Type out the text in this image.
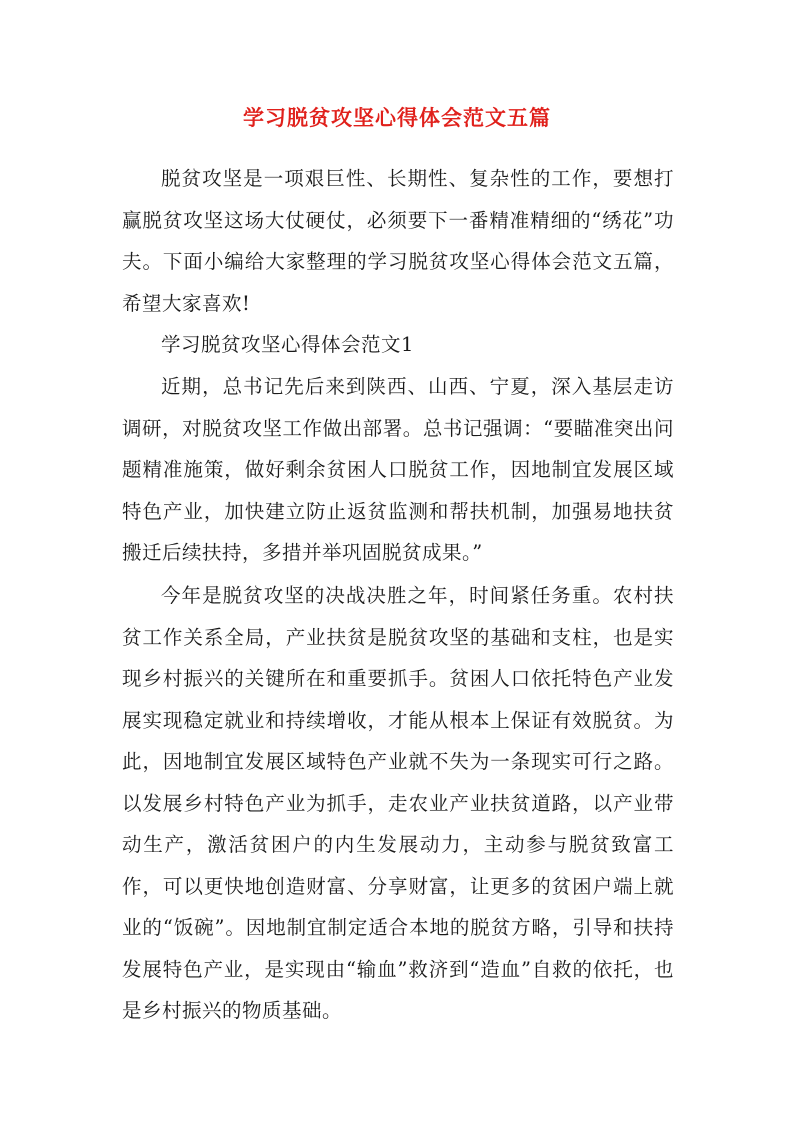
学习脱贫攻坚心得体会范文五篇

脱贫攻坚是一项艰巨性、长期性、复杂性的工作，要想打赢脱贫攻坚这场大仗硬仗，必须要下一番精准精细的“绣花”功夫。下面小编给大家整理的学习脱贫攻坚心得体会范文五篇，希望大家喜欢!

学习脱贫攻坚心得体会范文1

近期，总书记先后来到陕西、山西、宁夏，深入基层走访调研，对脱贫攻坚工作做出部署。总书记强调：“要瞄准突出问题精准施策，做好剩余贫困人口脱贫工作，因地制宜发展区域特色产业，加快建立防止返贫监测和帮扶机制，加强易地扶贫搬迁后续扶持，多措并举巩固脱贫成果。”

今年是脱贫攻坚的决战决胜之年，时间紧任务重。农村扶贫工作关系全局，产业扶贫是脱贫攻坚的基础和支柱，也是实现乡村振兴的关键所在和重要抓手。贫困人口依托特色产业发展实现稳定就业和持续增收，才能从根本上保证有效脱贫。为此，因地制宜发展区域特色产业就不失为一条现实可行之路。以发展乡村特色产业为抓手，走农业产业扶贫道路，以产业带动生产，激活贫困户的内生发展动力，主动参与脱贫致富工作，可以更快地创造财富、分享财富，让更多的贫困户端上就业的“饭碗”。因地制宜制定适合本地的脱贫方略，引导和扶持发展特色产业，是实现由“输血”救济到“造血”自救的依托，也是乡村振兴的物质基础。
